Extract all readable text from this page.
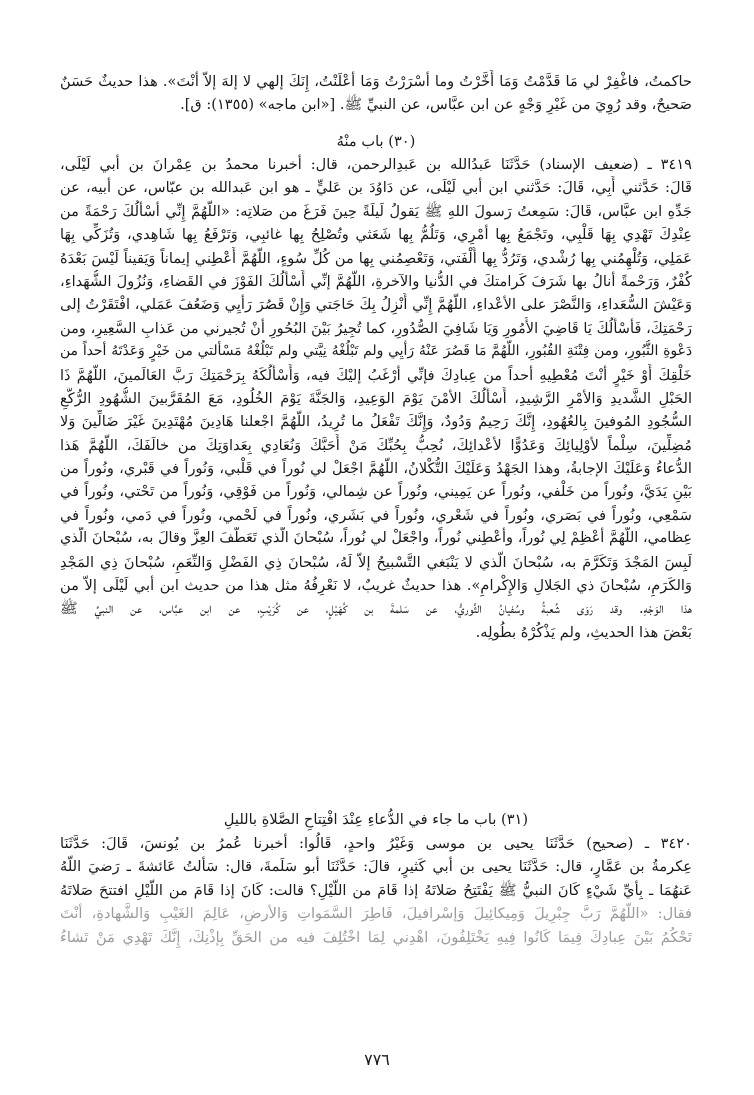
حاكمتُ، فاغْفِرْ لي مَا قَدَّمْتُ وَمَا أَخَّرْتُ وما أسْرَرْتُ وَمَا أعْلَنْتُ، إِنَكَ إلهي لا إلهَ إلاّ أنْتَ». هذا حديثٌ حَسَنٌ
صَحيحٌ، وقد رُوِيَ من غَيْرِ وَجْهٍ عن ابن عبَّاس، عن النبيِّ ﷺ. [«ابن ماجه» (١٣٥٥): ق].
(٣٠) باب منْهُ
٣٤١٩ ـ (ضعيف الإسناد) حَدَّثَنَا عَبدُالله بن عَبدِالرحمن، قال: أخبرنا محمدُ بن عِمْرانَ بن أبي لَيْلَى،
قَالَ: حَدَّثني أَبِي، قَالَ: حَدَّثني ابن أبي لَيْلَى، عن دَاوُدَ بن عَليٍّ ـ هو ابن عَبدالله بن عبّاس، عن أبيه، عن
جَدِّهِ ابن عبَّاس، قَالَ: سَمِعتُ رَسولَ اللهِ ﷺ يَقولُ لَيلَةً حِينَ فَرَغَ من صَلاتِه: «اللَّهُمَّ إِنِّي أسْألُكَ رَحْمَةً من
عِنْدِكَ تَهْدِي بِهَا قَلْبِي، وتَجْمَعُ بِها أمْرِي، وَتَلُمُّ بِها شَعَثي وتُصْلِحُ بِها غائبِي، وَتَرْفَعُ بِها شَاهِدي، وَتُزَكِّي بِهَا
عَمَلِي، وَتُلْهِمُني بِها رُشْدي، وَتَرُدُّ بِها أُلْفَتي، وَتَعْصِمُني بِها من كُلِّ سُوءٍ، اللَّهُمَّ أَعْطِني إيماناً وَيَقيناً لَيْسَ بَعْدَهُ
كُفْرٌ، وَرَحْمةً أنالُ بها شَرَفَ كَرامتكَ في الدُّنيا والآخرةِ، اللَّهُمَّ إنِّي أَسْأَلُكَ الفَوْزَ في القَضاءِ، وَنُزُولَ الشُّهَداءِ،
وَعَيْشَ السُّعَداءِ، وَالنَّصْرَ على الأعْداءِ، اللَّهُمَّ إِنِّي أُنْزِلُ بِكَ حَاجَتي وَإِنْ قَصُرَ رَأيِي وَضَعُفَ عَمَلي، افْتَقَرْتُ إلى
رَحْمَتِكَ، فَأسْأَلُكَ يَا قَاضِيَ الأُمُورِ وَيَا شَافِيَ الصُّدُورِ، كما تُجِيرُ بَيْنَ البُحُورِ أنْ تُجيرني من عَذابِ السَّعِيرِ، ومن
دَعْوةِ الثُّبُورِ، ومن فِتْنَةِ القُبُورِ، اللَّهُمَّ مَا قَصُرَ عَنْهُ رَأْيِي ولم تَبْلُغْهُ نِيَّتي ولم تَبْلُغْهُ مَسْألتي من خَيْرٍ وَعَدْتَهُ أحداً من
خَلْقِكَ أَوْ خَيْرٍ أنْتَ مُعْطِيهِ أحداً من عِبادِكَ فإنِّي أرْغَبُ إليْكَ فيه، وَأَسْأَلُكَهُ بِرَحْمَتِكَ رَبَّ العَالَمينَ، اللَّهُمَّ ذَا
الحَبْلِ الشَّديدِ وَالأمْرِ الرَّشِيدِ، أَسْأَلُكَ الأمْنَ يَوْمَ الوَعِيدِ، وَالجَنَّةَ يَوْمَ الخُلُودِ، مَعَ المُقَرَّبينَ الشُّهُودِ الرُّكَّعِ
السُّجُودِ المُوفينَ بِالعُهُودِ، إِنَّكَ رَحِيمٌ وَدُودٌ، وَإِنَّكَ تَفْعَلُ ما تُرِيدُ، اللَّهُمَّ اجْعلنا هَادِينَ مُهْتَدِينَ غَيْرَ ضَالِّينَ وَلا
مُضِلِّينَ، سِلْماً لأوْلِيائِكَ وَعَدُوًّا لأعْدائِكَ، نُحِبُّ بِحُبِّكَ مَنْ أَحَبَّكَ وَنُعَادِي بِعَداوَتِكَ من خالَفَكَ، اللَّهُمَّ هَذا
الدُّعاءُ وَعَلَيْكَ الإجابةُ، وهذا الجَهْدُ وَعَلَيْكَ التُّكْلانُ، اللَّهُمَّ اجْعَلْ لي نُوراً في قَلْبي، وَنُوراً في قَبْري، ونُوراً من
بَيْنِ يَدَيَّ، ونُوراً من خَلْفي، ونُوراً عن يَمِيني، ونُوراً عن شِمالي، وَنُوراً من فَوْقِي، وَنُوراً من تَحْتي، ونُوراً في
سَمْعِي، ونُوراً في بَصَري، ونُوراً في شَعْري، ونُوراً في بَشَري، ونُوراً في لَحْمي، ونُوراً في دَمي، ونُوراً في
عِظامي، اللَّهُمَّ أعْظِمْ لِي نُوراً، وأعْطِني نُوراً، واجْعَلْ لي نُوراً، سُبْحانَ الَّذي تَعَطَّفَ العِزَّ وقالَ به، سُبْحانَ الَّذي
لَبِسَ المَجْدَ وَتَكَرَّمَ به، سُبْحانَ الَّذي لا يَنْبَغي التَّسْبيحُ إلاّ لَهُ، سُبْحانَ ذِي الفَضْلِ وَالنِّعَمِ، سُبْحانَ ذِي المَجْدِ
وَالكَرَمِ، سُبْحانَ ذي الجَلالِ وَالإِكْرامِ». هذا حديثٌ غريبٌ، لا نَعْرِفُهُ مثل هذا من حديث ابن أبي لَيْلَى إلاّ من
هذا الوَجْهِ. وقد رَوَى شُعبةُ وسُفيانُ الثَّوريُّ، عن سَلمةَ بن كُهَيْلٍ، عن كُرَيْبٍ، عن ابن عبَّاس، عن النبيِّ ﷺ
بَعْضَ هذا الحديثِ، ولم يَذْكُرْهُ بطُولِه.
(٣١) باب ما جاء في الدُّعاءِ عِنْدَ افْتِتاحِ الصَّلاةِ بالليلِ
٣٤٢٠ ـ (صحيح) حَدَّثَنَا يحيى بن موسى وَغَيْرُ واحدٍ، قَالُوا: أخبرنا عُمرُ بن يُونسَ، قَالَ: حَدَّثَنَا
عِكرمةُ بن عَمَّارٍ، قال: حَدَّثَنَا يحيى بن أبي كَثيرٍ، قالَ: حَدَّثَنَا أبو سَلَمةَ، قال: سَألتُ عَائشةَ ـ رَضيَ اللَّهُ
عَنهُمَا ـ بِأيِّ شَيْءٍ كَانَ النبيُّ ﷺ يَفْتَتِحُ صَلاتَهُ إذا قَامَ من اللَّيْلِ؟ قالت: كَانَ إذا قَامَ من اللَّيْلِ افتتحَ صَلاتَهُ
فقال: «اللَّهُمَّ رَبَّ جِبْرِيلَ وَمِيكائِيلَ وَإسْرافيلَ، فَاطِرَ السَّمَواتِ وَالأرضِ، عَالِمَ الغَيْبِ وَالشَّهادةِ، أنْتَ
تَحْكُمُ بَيْنَ عِبادِكَ فِيمَا كَانُوا فِيهِ يَخْتَلِفُونَ، اهْدِني لِمَا اخْتُلِفَ فيه من الحَقِّ بِإذْنِكَ، إِنَّكَ تَهْدِي مَنْ تَشاءُ
٧٧٦
